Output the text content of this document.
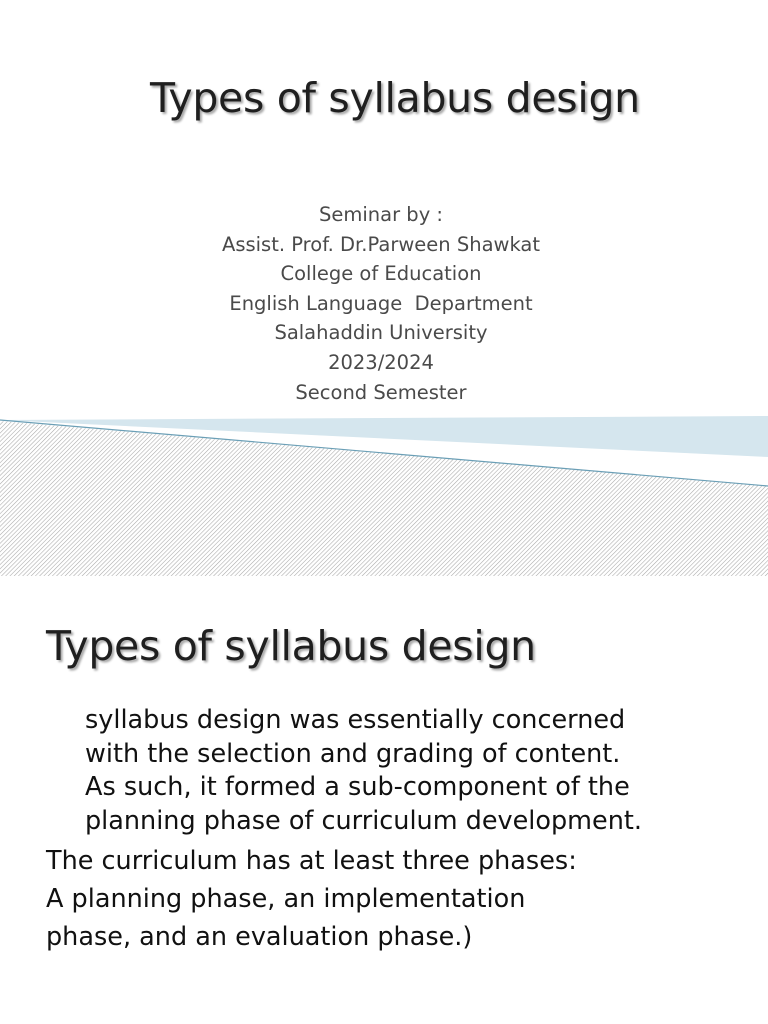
Types of syllabus design
Seminar by :
Assist. Prof. Dr.Parween Shawkat
College of Education
English Language  Department
Salahaddin University
2023/2024
Second Semester
Types of syllabus design
syllabus design was essentially concerned
with the selection and grading of content.
As such, it formed a sub-component of the
planning phase of curriculum development.
The curriculum has at least three phases:
A planning phase, an implementation
phase, and an evaluation phase.)
